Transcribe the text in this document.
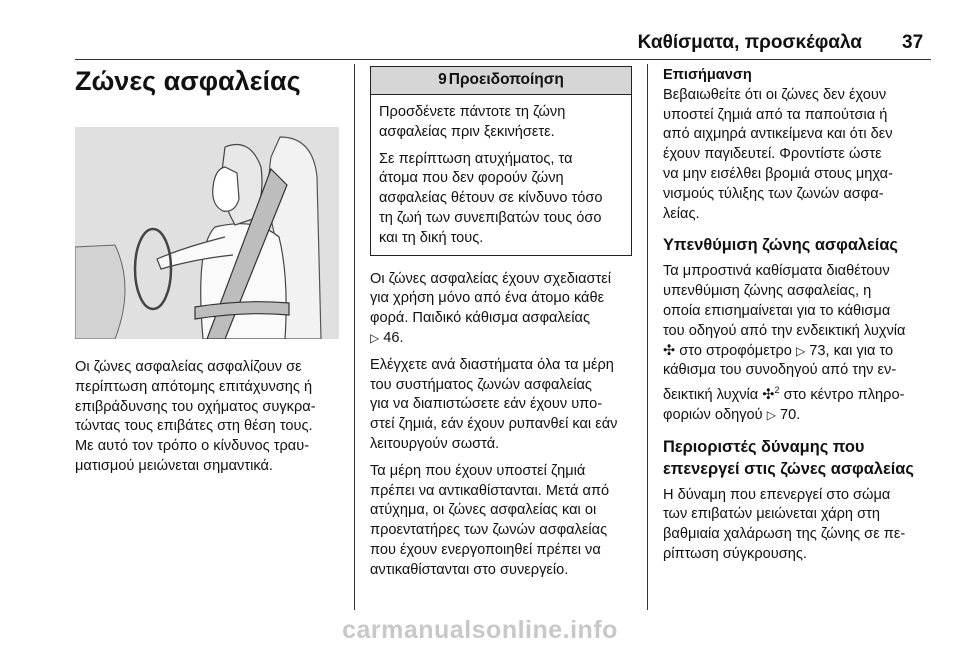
Καθίσματα, προσκέφαλα 37
Ζώνες ασφαλείας
Οι ζώνες ασφαλείας ασφαλίζουν σε
περίπτωση απότομης επιτάχυνσης ή
επιβράδυνσης του οχήματος συγκρα-
τώντας τους επιβάτες στη θέση τους.
Με αυτό τον τρόπο ο κίνδυνος τραυ-
ματισμού μειώνεται σημαντικά.
9 Προειδοποίηση
Προσδένετε πάντοτε τη ζώνη
ασφαλείας πριν ξεκινήσετε.
Σε περίπτωση ατυχήματος, τα
άτομα που δεν φορούν ζώνη
ασφαλείας θέτουν σε κίνδυνο τόσο
τη ζωή των συνεπιβατών τους όσο
και τη δική τους.
Οι ζώνες ασφαλείας έχουν σχεδιαστεί
για χρήση μόνο από ένα άτομο κάθε
φορά. Παιδικό κάθισμα ασφαλείας
▷ 46.
Ελέγχετε ανά διαστήματα όλα τα μέρη
του συστήματος ζωνών ασφαλείας
για να διαπιστώσετε εάν έχουν υπο-
στεί ζημιά, εάν έχουν ρυπανθεί και εάν
λειτουργούν σωστά.
Τα μέρη που έχουν υποστεί ζημιά
πρέπει να αντικαθίστανται. Μετά από
ατύχημα, οι ζώνες ασφαλείας και οι
προεντατήρες των ζωνών ασφαλείας
που έχουν ενεργοποιηθεί πρέπει να
αντικαθίστανται στο συνεργείο.
Επισήμανση
Βεβαιωθείτε ότι οι ζώνες δεν έχουν
υποστεί ζημιά από τα παπούτσια ή
από αιχμηρά αντικείμενα και ότι δεν
έχουν παγιδευτεί. Φροντίστε ώστε
να μην εισέλθει βρομιά στους μηχα-
νισμούς τύλιξης των ζωνών ασφα-
λείας.
Υπενθύμιση ζώνης ασφαλείας
Τα μπροστινά καθίσματα διαθέτουν
υπενθύμιση ζώνης ασφαλείας, η
οποία επισημαίνεται για το κάθισμα
του οδηγού από την ενδεικτική λυχνία
✣ στο στροφόμετρο ▷ 73, και για το
κάθισμα του συνοδηγού από την εν-
δεικτική λυχνία ✣$^2$ στο κέντρο πληρο-
φοριών οδηγού ▷ 70.
Περιοριστές δύναμης που
επενεργεί στις ζώνες ασφαλείας
Η δύναμη που επενεργεί στο σώμα
των επιβατών μειώνεται χάρη στη
βαθμιαία χαλάρωση της ζώνης σε πε-
ρίπτωση σύγκρουσης.
carmanualsonline.info
